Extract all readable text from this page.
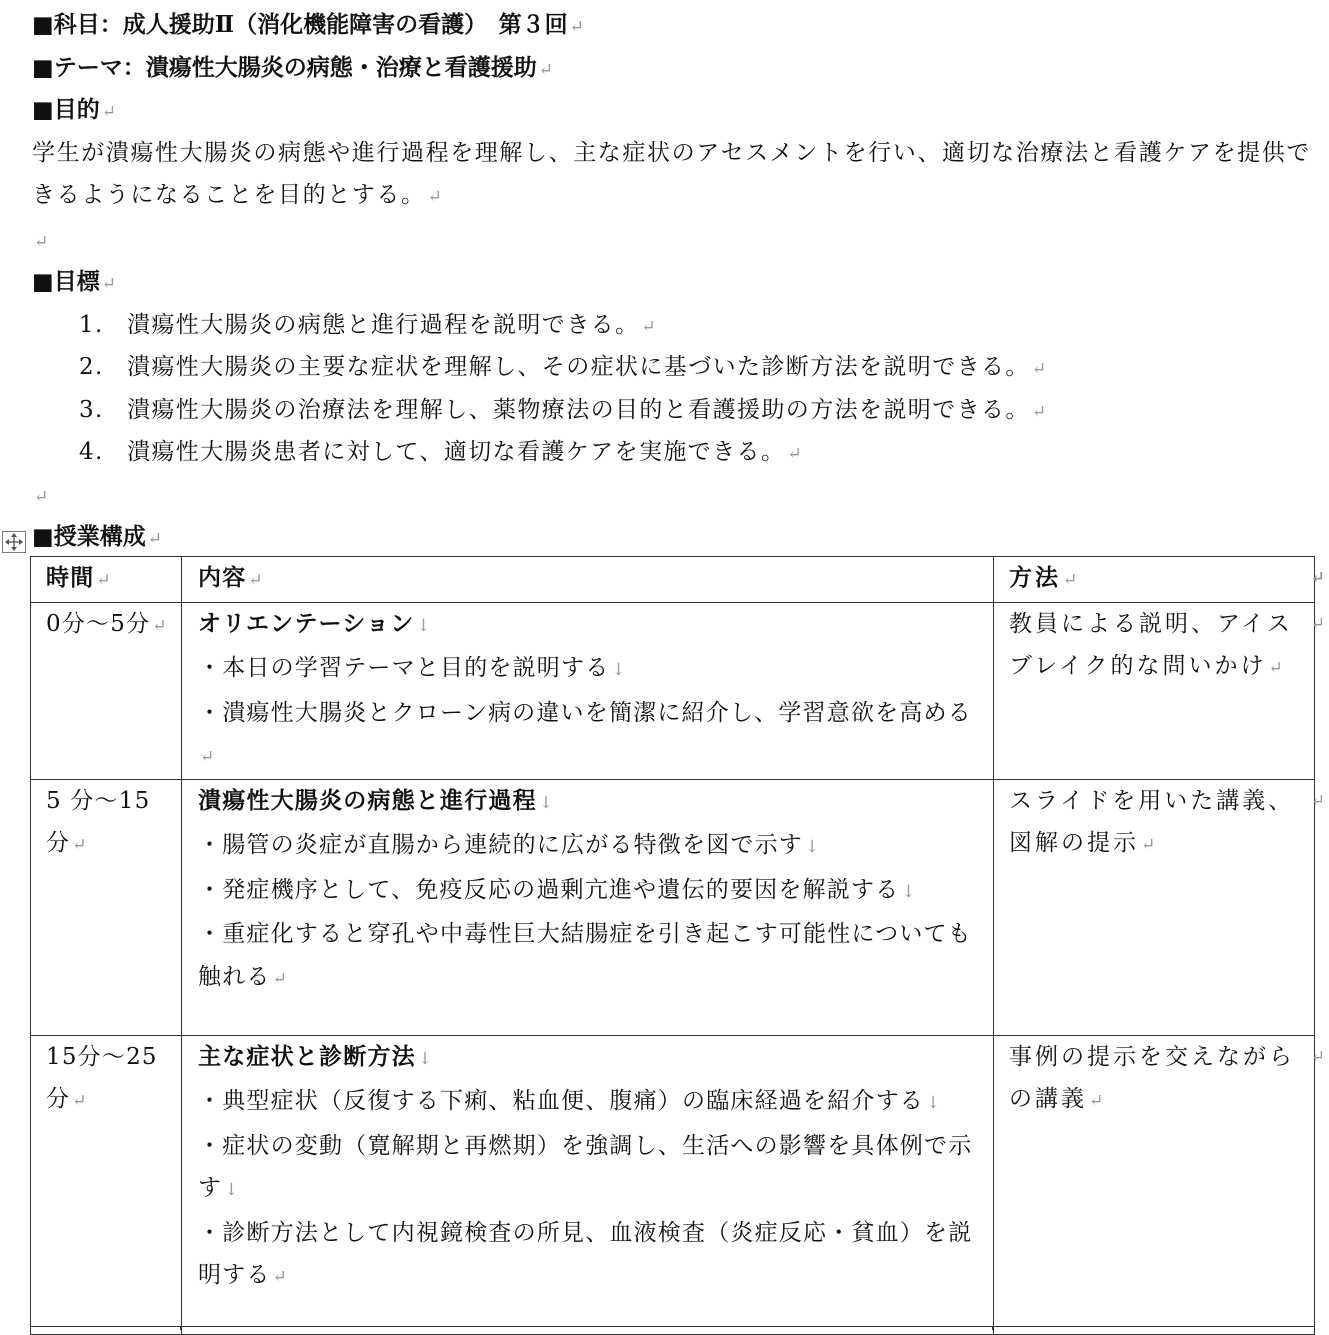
■科目：成人援助Ⅱ（消化機能障害の看護）　第３回 ↵
■テーマ：潰瘍性大腸炎の病態・治療と看護援助 ↵
■目的 ↵
学生が潰瘍性大腸炎の病態や進行過程を理解し、主な症状のアセスメントを行い、適切な治療法と看護ケアを提供できるようになることを目的とする。 ↵
↵
■目標 ↵
1. 潰瘍性大腸炎の病態と進行過程を説明できる。 ↵
2. 潰瘍性大腸炎の主要な症状を理解し、その症状に基づいた診断方法を説明できる。 ↵
3. 潰瘍性大腸炎の治療法を理解し、薬物療法の目的と看護援助の方法を説明できる。 ↵
4. 潰瘍性大腸炎患者に対して、適切な看護ケアを実施できる。 ↵
↵
■授業構成 ↵
時間 ↵	内容 ↵	方法 ↵ ↵

0分～5分 ↵	オリエンテーション ↓
・本日の学習テーマと目的を説明する ↓
・潰瘍性大腸炎とクローン病の違いを簡潔に紹介し、学習意欲を高める↵	教員による説明、アイスブレイク的な問いかけ ↵
↵

5 分～15分 ↵	潰瘍性大腸炎の病態と進行過程 ↓
・腸管の炎症が直腸から連続的に広がる特徴を図で示す ↓
・発症機序として、免疫反応の過剰亢進や遺伝的要因を解説する ↓
・重症化すると穿孔や中毒性巨大結腸症を引き起こす可能性についても触れる ↵	スライドを用いた講義、図解の提示 ↵
↵

15分～25分 ↵	主な症状と診断方法 ↓
・典型症状（反復する下痢、粘血便、腹痛）の臨床経過を紹介する ↓
・症状の変動（寛解期と再燃期）を強調し、生活への影響を具体例で示す ↓
・診断方法として内視鏡検査の所見、血液検査（炎症反応・貧血）を説明する ↵	事例の提示を交えながらの講義 ↵
↵
